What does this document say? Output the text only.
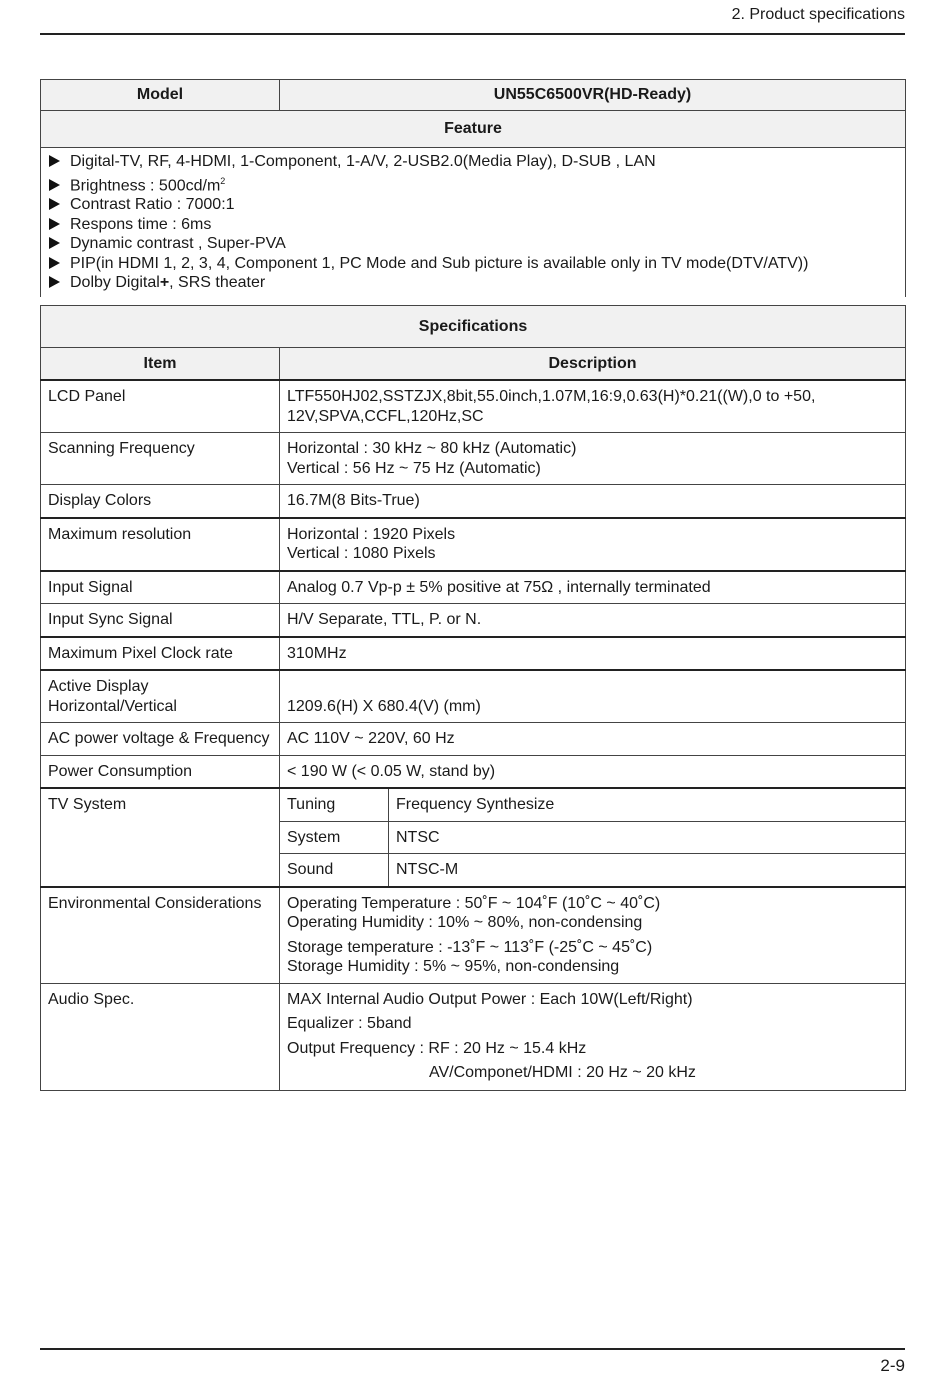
2. Product specifications
Model	UN55C6500VR(HD-Ready)
Feature

Digital-TV, RF, 4-HDMI, 1-Component, 1-A/V, 2-USB2.0(Media Play), D-SUB , LAN
Brightness : $500cd/m^2$
Contrast Ratio : 7000:1
Respons time : 6ms
Dynamic contrast , Super-PVA
PIP(in HDMI 1, 2, 3, 4, Component 1, PC Mode and Sub picture is available only in TV mode(DTV/ATV))
Dolby Digital+, SRS theater
Specifications		
Item	Description	
LCD Panel	LTF550HJ02,SSTZJX,8bit,55.0inch,1.07M,16:9,0.63(H)*0.21((W),0 to +50,
12V,SPVA,CCFL,120Hz,SC	

Scanning Frequency	Horizontal : 30 kHz ~ 80 kHz (Automatic)
Vertical : 56 Hz ~ 75 Hz (Automatic)	

Display Colors	16.7M(8 Bits-True)	
Maximum resolution	Horizontal : 1920 Pixels
Vertical : 1080 Pixels	

Input Signal	Analog 0.7 Vp-p ± 5% positive at 75Ω , internally terminated	
Input Sync Signal	H/V Separate, TTL, P. or N.	
Maximum Pixel Clock rate	310MHz	

Active Display
Horizontal/Vertical	1209.6(H) X 680.4(V) (mm)	
AC power voltage & Frequency	AC 110V ~ 220V, 60 Hz	
Power Consumption	< 190 W (< 0.05 W, stand by)	
TV System	Tuning	Frequency Synthesize
	System	NTSC
	Sound	NTSC-M
Environmental Considerations	Operating Temperature : 50˚F ~ 104˚F (10˚C ~ 40˚C)
Operating Humidity : 10% ~ 80%, non-condensing
Storage temperature : -13˚F ~ 113˚F (-25˚C ~ 45˚C)
Storage Humidity : 5% ~ 95%, non-condensing	

Audio Spec.	MAX Internal Audio Output Power : Each 10W(Left/Right)
Equalizer : 5band
Output Frequency : RF : 20 Hz ~ 15.4 kHz
AV/Componet/HDMI : 20 Hz ~ 20 kHz	
2-9
